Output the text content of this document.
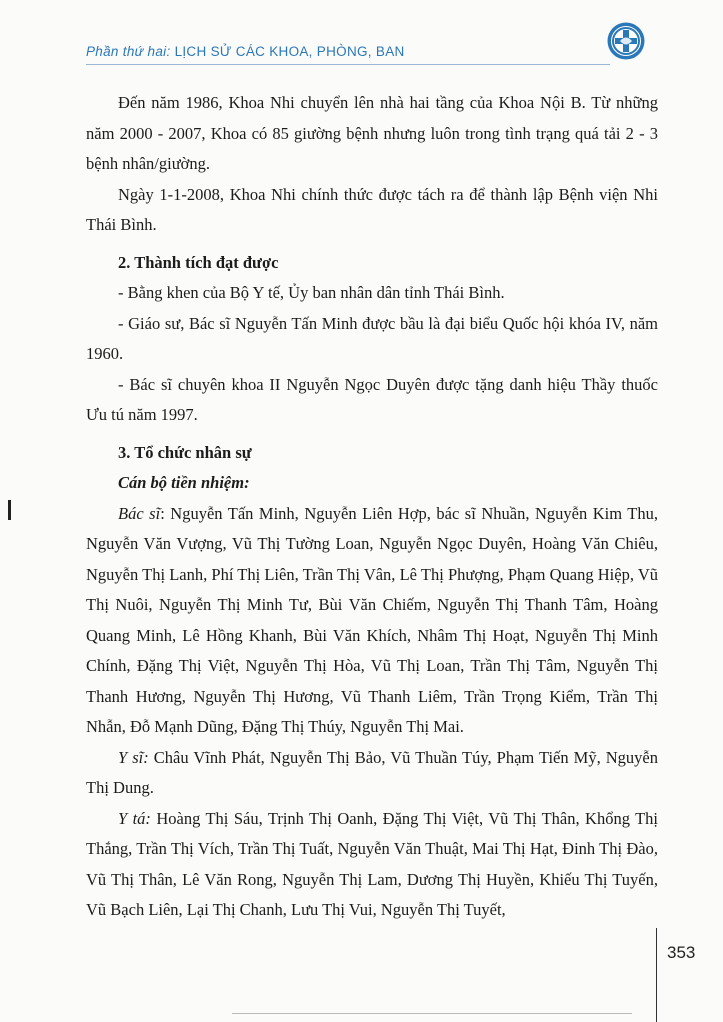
Phần thứ hai: LỊCH SỬ CÁC KHOA, PHÒNG, BAN

Đến năm 1986, Khoa Nhi chuyển lên nhà hai tầng của Khoa Nội B. Từ những năm 2000 - 2007, Khoa có 85 giường bệnh nhưng luôn trong tình trạng quá tải 2 - 3 bệnh nhân/giường.

Ngày 1-1-2008, Khoa Nhi chính thức được tách ra để thành lập Bệnh viện Nhi Thái Bình.

2. Thành tích đạt được

- Bằng khen của Bộ Y tế, Ủy ban nhân dân tỉnh Thái Bình.

- Giáo sư, Bác sĩ Nguyễn Tấn Minh được bầu là đại biểu Quốc hội khóa IV, năm 1960.

- Bác sĩ chuyên khoa II Nguyễn Ngọc Duyên được tặng danh hiệu Thầy thuốc Ưu tú năm 1997.

3. Tổ chức nhân sự

Cán bộ tiền nhiệm:

Bác sĩ: Nguyễn Tấn Minh, Nguyễn Liên Hợp, bác sĩ Nhuần, Nguyễn Kim Thu, Nguyễn Văn Vượng, Vũ Thị Tường Loan, Nguyễn Ngọc Duyên, Hoàng Văn Chiêu, Nguyễn Thị Lanh, Phí Thị Liên, Trần Thị Vân, Lê Thị Phượng, Phạm Quang Hiệp, Vũ Thị Nuôi, Nguyễn Thị Minh Tư, Bùi Văn Chiếm, Nguyễn Thị Thanh Tâm, Hoàng Quang Minh, Lê Hồng Khanh, Bùi Văn Khích, Nhâm Thị Hoạt, Nguyễn Thị Minh Chính, Đặng Thị Việt, Nguyễn Thị Hòa, Vũ Thị Loan, Trần Thị Tâm, Nguyễn Thị Thanh Hương, Nguyễn Thị Hương, Vũ Thanh Liêm, Trần Trọng Kiểm, Trần Thị Nhẫn, Đỗ Mạnh Dũng, Đặng Thị Thúy, Nguyễn Thị Mai.

Y sĩ: Châu Vĩnh Phát, Nguyễn Thị Bảo, Vũ Thuần Túy, Phạm Tiến Mỹ, Nguyễn Thị Dung.

Y tá: Hoàng Thị Sáu, Trịnh Thị Oanh, Đặng Thị Việt, Vũ Thị Thân, Khổng Thị Thắng, Trần Thị Vích, Trần Thị Tuất, Nguyễn Văn Thuật, Mai Thị Hạt, Đinh Thị Đào, Vũ Thị Thân, Lê Văn Rong, Nguyễn Thị Lam, Dương Thị Huyền, Khiếu Thị Tuyến, Vũ Bạch Liên, Lại Thị Chanh, Lưu Thị Vui, Nguyễn Thị Tuyết,

353
